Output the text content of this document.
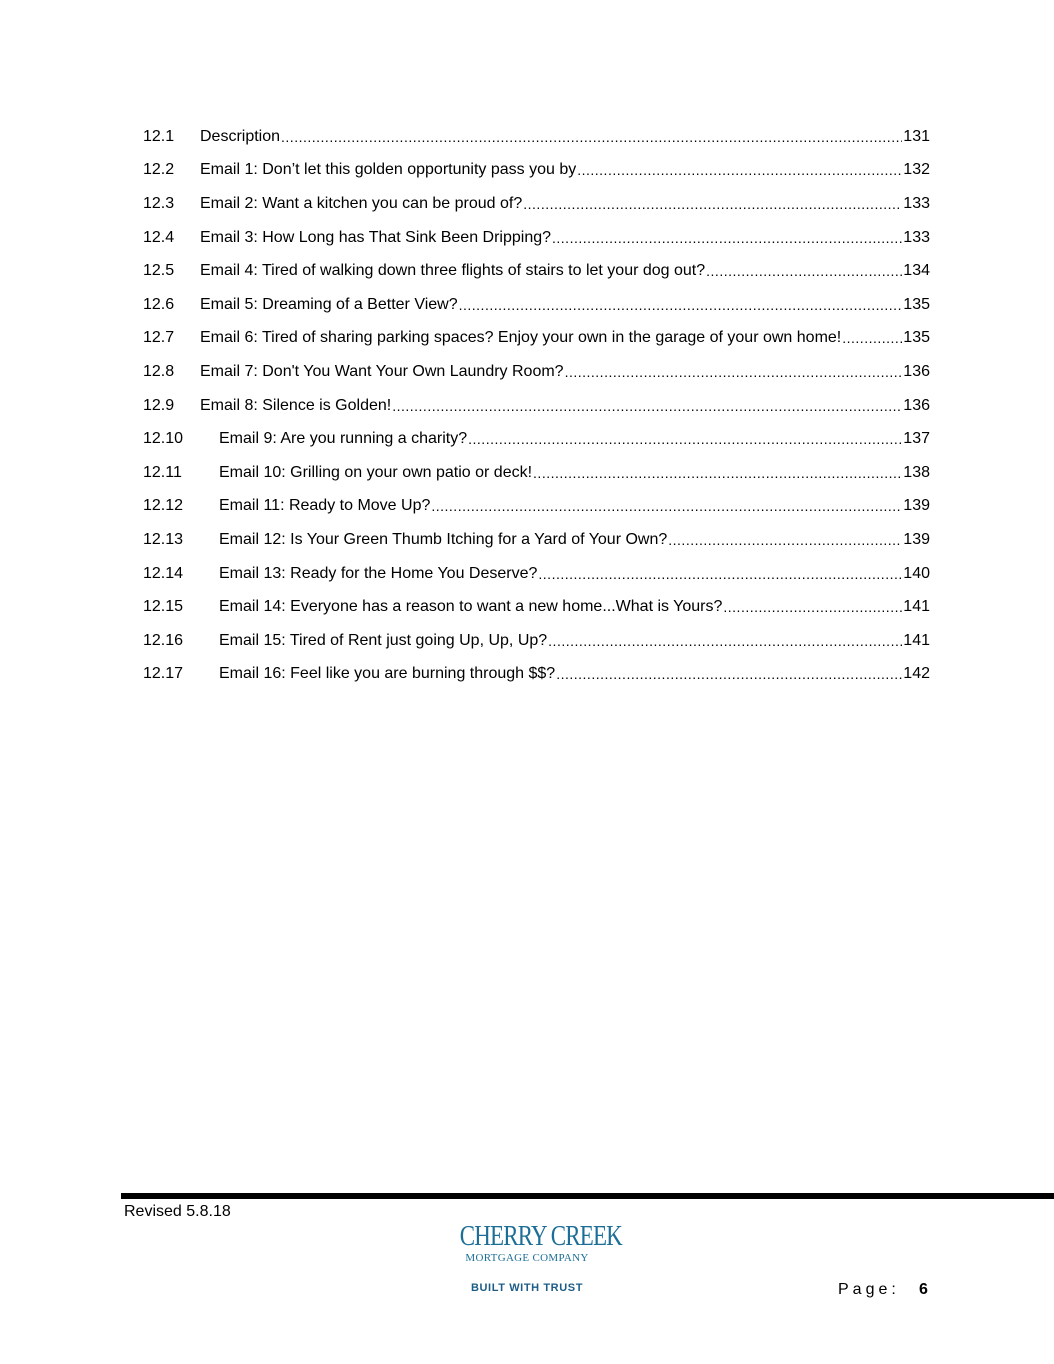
12.1	Description .....	131
12.2	Email 1: Don’t let this golden opportunity pass you by .....	132
12.3	Email 2: Want a kitchen you can be proud of? .....	133
12.4	Email 3: How Long has That Sink Been Dripping? .....	133
12.5	Email 4: Tired of walking down three flights of stairs to let your dog out? .....	134
12.6	Email 5: Dreaming of a Better View? .....	135
12.7	Email 6: Tired of sharing parking spaces? Enjoy your own in the garage of your own home! .....	135
12.8	Email 7: Don't You Want Your Own Laundry Room? .....	136
12.9	Email 8: Silence is Golden! .....	136
12.10	Email 9: Are you running a charity? .....	137
12.11	Email 10: Grilling on your own patio or deck! .....	138
12.12	Email 11: Ready to Move Up? .....	139
12.13	Email 12: Is Your Green Thumb Itching for a Yard of Your Own? .....	139
12.14	Email 13: Ready for the Home You Deserve? .....	140
12.15	Email 14: Everyone has a reason to want a new home...What is Yours? .....	141
12.16	Email 15: Tired of Rent just going Up, Up, Up? .....	141
12.17	Email 16: Feel like you are burning through $$? .....	142
Revised 5.8.18
CHERRY CREEK
MORTGAGE COMPANY
BUILT WITH TRUST	Page: 6
